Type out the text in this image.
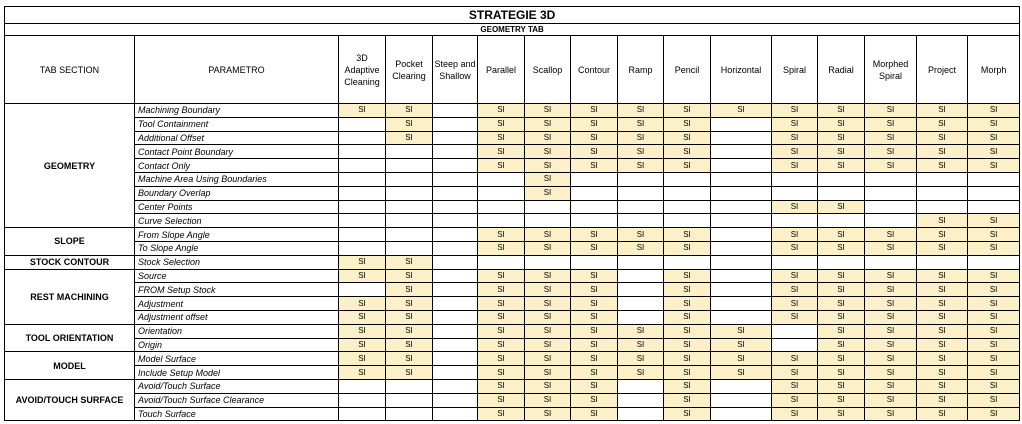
STRATEGIE 3D															
GEOMETRY TAB															
TAB SECTION	PARAMETRO	3D Adaptive Cleaning	Pocket Clearing	Steep and Shallow	Parallel	Scallop	Contour	Ramp	Pencil	Horizontal	Spiral	Radial	Morphed Spiral	Project	Morph
GEOMETRY	Machining Boundary	SI	SI		SI	SI	SI	SI	SI	SI	SI	SI	SI	SI	SI
	Tool Containment		SI		SI	SI	SI	SI	SI		SI	SI	SI	SI	SI
	Additional Offset		SI		SI	SI	SI	SI	SI		SI	SI	SI	SI	SI
	Contact Point Boundary				SI	SI	SI	SI	SI		SI	SI	SI	SI	SI
	Contact Only				SI	SI	SI	SI	SI		SI	SI	SI	SI	SI
	Machine Area Using Boundaries					SI									
	Boundary Overlap					SI									
	Center Points										SI	SI			
	Curve Selection													SI	SI
SLOPE	From Slope Angle				SI	SI	SI	SI	SI		SI	SI	SI	SI	SI
	To Slope Angle				SI	SI	SI	SI	SI		SI	SI	SI	SI	SI
STOCK CONTOUR	Stock Selection	SI	SI												
REST MACHINING	Source	SI	SI		SI	SI	SI		SI		SI	SI	SI	SI	SI
	FROM Setup Stock		SI		SI	SI	SI		SI		SI	SI	SI	SI	SI
	Adjustment	SI	SI		SI	SI	SI		SI		SI	SI	SI	SI	SI
	Adjustment offset	SI	SI		SI	SI	SI		SI		SI	SI	SI	SI	SI
TOOL ORIENTATION	Orientation	SI	SI		SI	SI	SI	SI	SI	SI		SI	SI	SI	SI
	Origin	SI	SI		SI	SI	SI	SI	SI	SI		SI	SI	SI	SI
MODEL	Model Surface	SI	SI		SI	SI	SI	SI	SI	SI	SI	SI	SI	SI	SI
	Include Setup Model	SI	SI		SI	SI	SI	SI	SI	SI	SI	SI	SI	SI	SI
AVOID/TOUCH SURFACE	Avoid/Touch Surface				SI	SI	SI		SI		SI	SI	SI	SI	SI
	Avoid/Touch Surface Clearance				SI	SI	SI		SI		SI	SI	SI	SI	SI
	Touch Surface				SI	SI	SI		SI		SI	SI	SI	SI	SI
